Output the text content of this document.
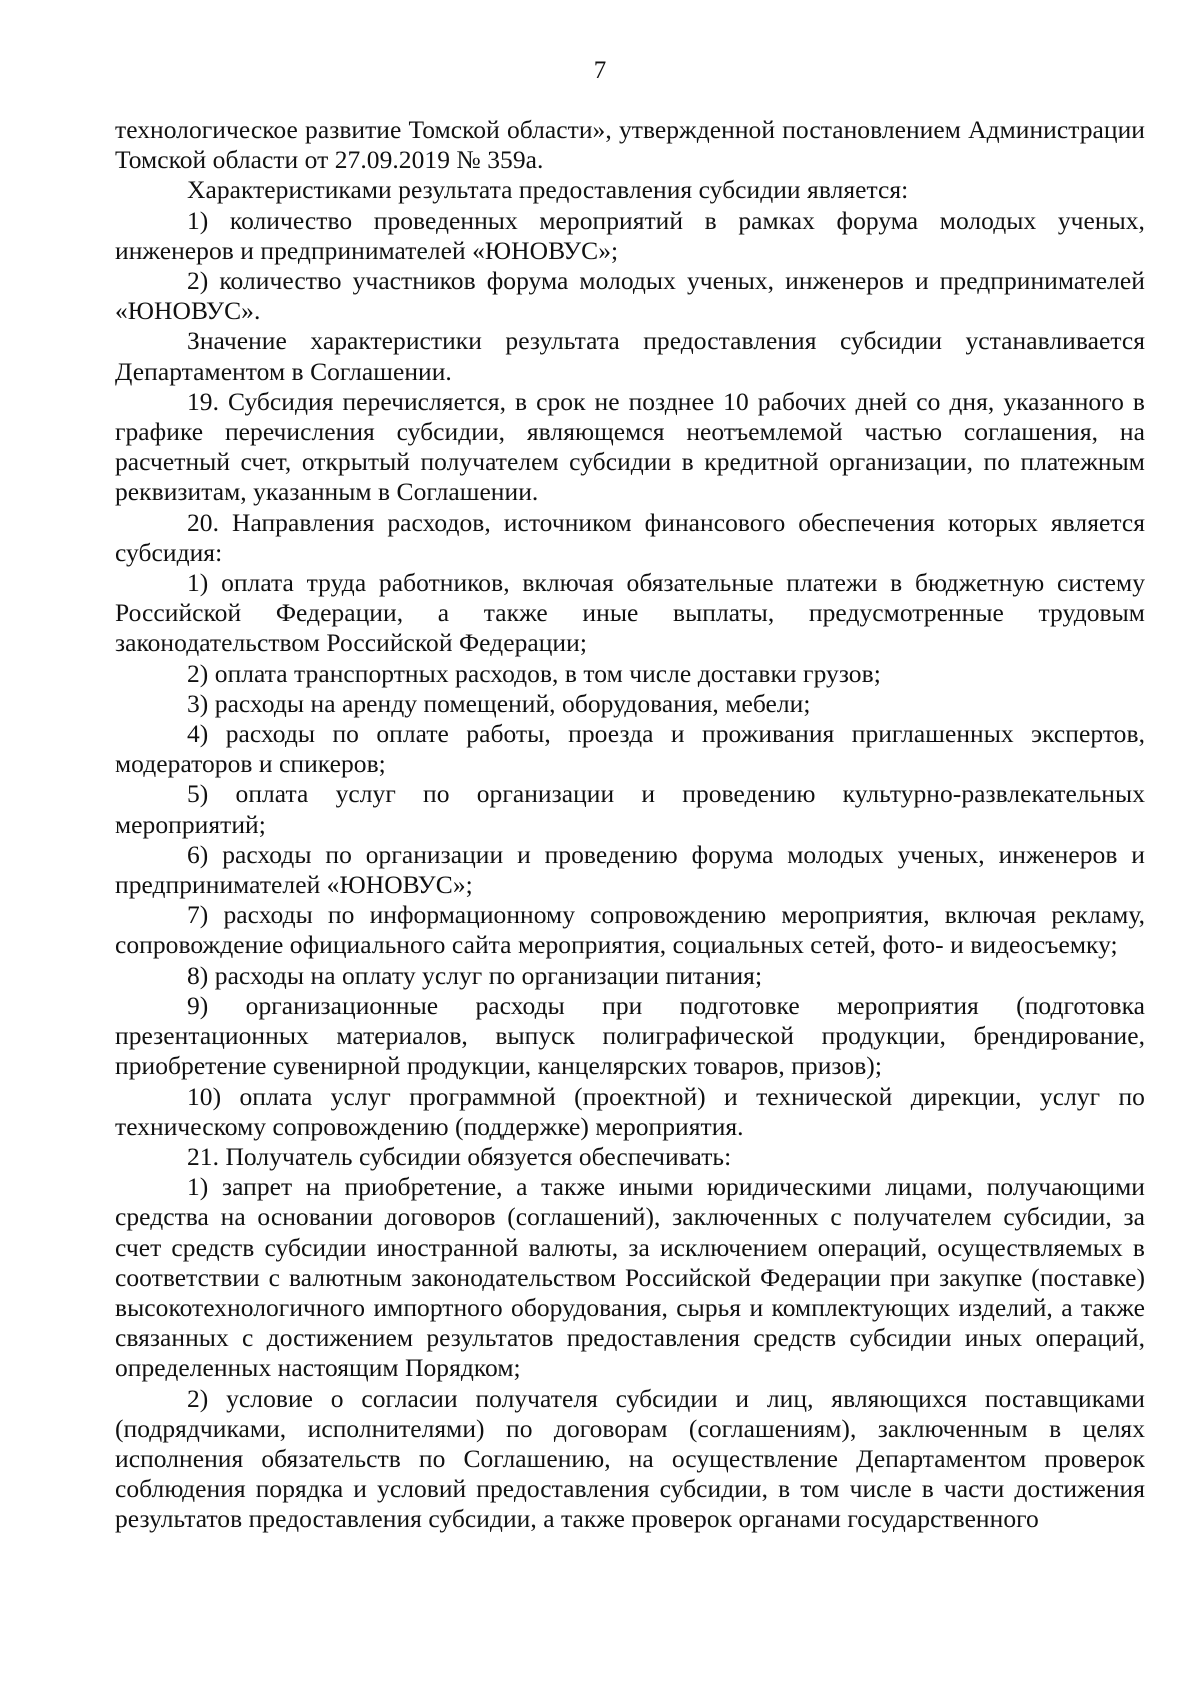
7

технологическое развитие Томской области», утвержденной постановлением Администрации Томской области от 27.09.2019 № 359а.

Характеристиками результата предоставления субсидии является:

1) количество проведенных мероприятий в рамках форума молодых ученых, инженеров и предпринимателей «ЮНОВУС»;

2) количество участников форума молодых ученых, инженеров и предпринимателей «ЮНОВУС».

Значение характеристики результата предоставления субсидии устанавливается Департаментом в Соглашении.

19. Субсидия перечисляется, в срок не позднее 10 рабочих дней со дня, указанного в графике перечисления субсидии, являющемся неотъемлемой частью соглашения, на расчетный счет, открытый получателем субсидии в кредитной организации, по платежным реквизитам, указанным в Соглашении.

20. Направления расходов, источником финансового обеспечения которых является субсидия:

1) оплата труда работников, включая обязательные платежи в бюджетную систему Российской Федерации, а также иные выплаты, предусмотренные трудовым законодательством Российской Федерации;

2) оплата транспортных расходов, в том числе доставки грузов;

3) расходы на аренду помещений, оборудования, мебели;

4) расходы по оплате работы, проезда и проживания приглашенных экспертов, модераторов и спикеров;

5) оплата услуг по организации и проведению культурно-развлекательных мероприятий;

6) расходы по организации и проведению форума молодых ученых, инженеров и предпринимателей «ЮНОВУС»;

7) расходы по информационному сопровождению мероприятия, включая рекламу, сопровождение официального сайта мероприятия, социальных сетей, фото- и видеосъемку;

8) расходы на оплату услуг по организации питания;

9) организационные расходы при подготовке мероприятия (подготовка презентационных материалов, выпуск полиграфической продукции, брендирование, приобретение сувенирной продукции, канцелярских товаров, призов);

10) оплата услуг программной (проектной) и технической дирекции, услуг по техническому сопровождению (поддержке) мероприятия.

21. Получатель субсидии обязуется обеспечивать:

1) запрет на приобретение, а также иными юридическими лицами, получающими средства на основании договоров (соглашений), заключенных с получателем субсидии, за счет средств субсидии иностранной валюты, за исключением операций, осуществляемых в соответствии с валютным законодательством Российской Федерации при закупке (поставке) высокотехнологичного импортного оборудования, сырья и комплектующих изделий, а также связанных с достижением результатов предоставления средств субсидии иных операций, определенных настоящим Порядком;

2) условие о согласии получателя субсидии и лиц, являющихся поставщиками (подрядчиками, исполнителями) по договорам (соглашениям), заключенным в целях исполнения обязательств по Соглашению, на осуществление Департаментом проверок соблюдения порядка и условий предоставления субсидии, в том числе в части достижения результатов предоставления субсидии, а также проверок органами государственного
